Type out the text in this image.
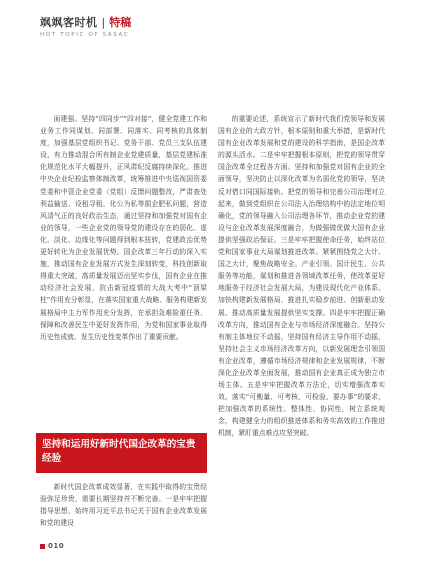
飒飒客时机 | 特稿
HOT TOPIC OF SASAC

面建强。坚持“四同步”“四对接”，健全党建工作和业务工作同谋划、同部署、同落实、同考核的具体制度，加强基层党组织书记、党务干部、党员三支队伍建设，有力推动混合所有制企业党建质量，基层党建标准化规范化水平大幅提升，正风肃纪反腐持续深化。推进中央企业纪检监察体制改革，统筹推进中央巡视国资委党委和中管企业党委（党组）反馈问题整改，严肃查处利益输送、设租寻租、化公为私等损企肥私问题，营造风清气正的良好政治生态，通过坚持和加强党对国有企业的领导，一些企业党的领导党的建设存在的弱化、虚化、淡化、边缘化等问题得到根本扭转，党建政治优势更好转化为企业发展优势。国企改革三年行动的深入实施，推动国有企业发展方式发生深刻转变，科技创新取得重大突破，高质量发展迈出坚实步伐，国有企业在推动经济社会发展、抗击新冠疫情的大战大考中“顶梁柱”作用充分彰显，在落实国家重大战略、服务构建新发展格局中主力军作用充分发挥，在承担急难险重任务、保障和改善民生中更好发挥作用，为党和国家事业取得历史性成就、发生历史性变革作出了重要贡献。

坚持和运用好新时代国企改革的宝贵经验

新时代国企改革成效显著，在实践中取得的宝贵经验弥足珍贵，需要长期坚持并不断完善。一是牢牢把握指导思想，始终用习近平总书记关于国有企业改革发展和党的建设

的重要论述，系统宣示了新时代我们党领导和发展国有企业的大政方针，根本原则和重大举措，是新时代国有企业改革发展和党的建设的科学指南，是国企改革的源头活水。二是牢牢把握根本原则，把党的领导贯穿国企改革全过程各方面。坚持和加强党对国有企业的全面领导，坚决防止以深化改革为名弱化党的领导，坚决反对借口同国际接轨、把党的领导和完善公司治理对立起来，做到党组织在公司法人治理结构中的法定地位明确化，党的领导融入公司治理各环节，推动企业党的建设与企业改革发展深度融合，为做强做优做大国有企业提供坚强政治保证。三是牢牢把握使命任务，始终站位党和国家事业大局谋划推进改革。紧紧围绕党之大计、国之大计，聚焦战略安全、产业引领、国计民生、公共服务等功能，谋划和推进各领域改革任务，使改革更好地服务于经济社会发展大局，为建设现代化产业体系、加快构建新发展格局、推进扎实稳步前进、创新驱动发展、推动高质量发展提供坚实支撑。四是牢牢把握正确改革方向，推动国有企业与市场经济深度融合。坚持公有制主体地位不动摇，坚持国有经济主导作用不动摇，坚持社会主义市场经济改革方向，以新发展理念引领国有企业改革，遵循市场经济规律和企业发展规律，不断深化企业改革全面发展，推动国有企业真正成为独立市场主体。五是牢牢把握改革方法论，切实增强改革实效。落实“可衡量、可考核、可检验、要办事”的要求，把加强改革的系统性、整体性、协同性，树立系统观念，构建健全力的组织推进体系和务实高效的工作推进机制，紧盯重点难点攻坚突破。

010
